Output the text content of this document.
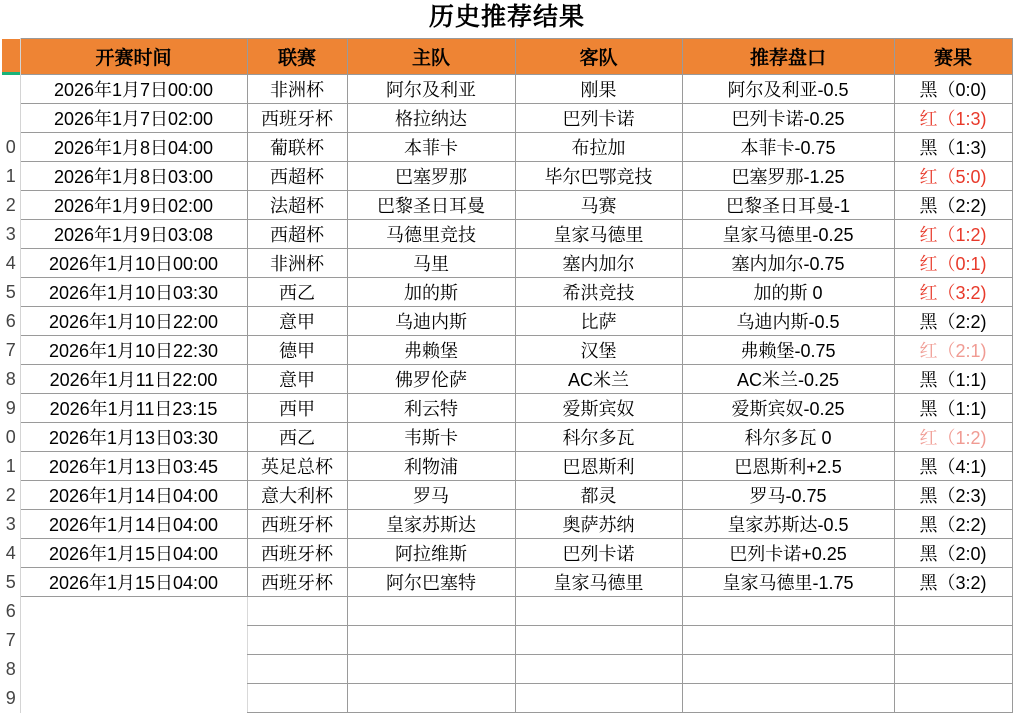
历史推荐结果
	开赛时间	联赛	主队	客队	推荐盘口	赛果
	2026年1月7日00:00	非洲杯	阿尔及利亚	刚果	阿尔及利亚-0.5	黑（0:0)
	2026年1月7日02:00	西班牙杯	格拉纳达	巴列卡诺	巴列卡诺-0.25	红（1:3)
0	2026年1月8日04:00	葡联杯	本菲卡	布拉加	本菲卡-0.75	黑（1:3)
1	2026年1月8日03:00	西超杯	巴塞罗那	毕尔巴鄂竞技	巴塞罗那-1.25	红（5:0)
2	2026年1月9日02:00	法超杯	巴黎圣日耳曼	马赛	巴黎圣日耳曼-1	黑（2:2)
3	2026年1月9日03:08	西超杯	马德里竞技	皇家马德里	皇家马德里-0.25	红（1:2)
4	2026年1月10日00:00	非洲杯	马里	塞内加尔	塞内加尔-0.75	红（0:1)
5	2026年1月10日03:30	西乙	加的斯	希洪竞技	加的斯 0	红（3:2)
6	2026年1月10日22:00	意甲	乌迪内斯	比萨	乌迪内斯-0.5	黑（2:2)
7	2026年1月10日22:30	德甲	弗赖堡	汉堡	弗赖堡-0.75	红（2:1)
8	2026年1月11日22:00	意甲	佛罗伦萨	AC米兰	AC米兰-0.25	黑（1:1)
9	2026年1月11日23:15	西甲	利云特	爱斯宾奴	爱斯宾奴-0.25	黑（1:1)
0	2026年1月13日03:30	西乙	韦斯卡	科尔多瓦	科尔多瓦 0	红（1:2)
1	2026年1月13日03:45	英足总杯	利物浦	巴恩斯利	巴恩斯利+2.5	黑（4:1)
2	2026年1月14日04:00	意大利杯	罗马	都灵	罗马-0.75	黑（2:3)
3	2026年1月14日04:00	西班牙杯	皇家苏斯达	奥萨苏纳	皇家苏斯达-0.5	黑（2:2)
4	2026年1月15日04:00	西班牙杯	阿拉维斯	巴列卡诺	巴列卡诺+0.25	黑（2:0)
5	2026年1月15日04:00	西班牙杯	阿尔巴塞特	皇家马德里	皇家马德里-1.75	黑（3:2)
6						
7						
8						
9						
